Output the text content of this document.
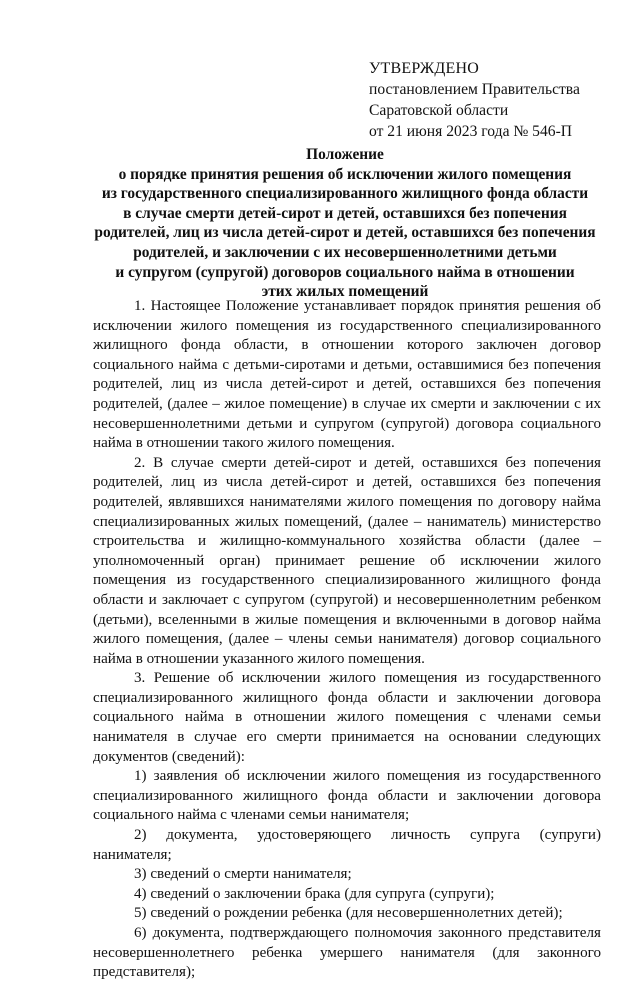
УТВЕРЖДЕНО
постановлением Правительства
Саратовской области
от 21 июня 2023 года № 546-П
Положение
о порядке принятия решения об исключении жилого помещения
из государственного специализированного жилищного фонда области
в случае смерти детей-сирот и детей, оставшихся без попечения
родителей, лиц из числа детей-сирот и детей, оставшихся без попечения
родителей, и заключении с их несовершеннолетними детьми
и супругом (супругой) договоров социального найма в отношении
этих жилых помещений

1. Настоящее Положение устанавливает порядок принятия решения об исключении жилого помещения из государственного специализированного жилищного фонда области, в отношении которого заключен договор социального найма с детьми-сиротами и детьми, оставшимися без попечения родителей, лиц из числа детей-сирот и детей, оставшихся без попечения родителей, (далее – жилое помещение) в случае их смерти и заключении с их несовершеннолетними детьми и супругом (супругой) договора социального найма в отношении такого жилого помещения.

2. В случае смерти детей-сирот и детей, оставшихся без попечения родителей, лиц из числа детей-сирот и детей, оставшихся без попечения родителей, являвшихся нанимателями жилого помещения по договору найма специализированных жилых помещений, (далее – наниматель) министерство строительства и жилищно-коммунального хозяйства области (далее – уполномоченный орган) принимает решение об исключении жилого помещения из государственного специализированного жилищного фонда области и заключает с супругом (супругой) и несовершеннолетним ребенком (детьми), вселенными в жилые помещения и включенными в договор найма жилого помещения, (далее – члены семьи нанимателя) договор социального найма в отношении указанного жилого помещения.

3. Решение об исключении жилого помещения из государственного специализированного жилищного фонда области и заключении договора социального найма в отношении жилого помещения с членами семьи нанимателя в случае его смерти принимается на основании следующих документов (сведений):

1) заявления об исключении жилого помещения из государственного специализированного жилищного фонда области и заключении договора социального найма с членами семьи нанимателя;

2) документа, удостоверяющего личность супруга (супруги) нанимателя;

3) сведений о смерти нанимателя;

4) сведений о заключении брака (для супруга (супруги);

5) сведений о рождении ребенка (для несовершеннолетних детей);

6) документа, подтверждающего полномочия законного представителя несовершеннолетнего ребенка умершего нанимателя (для законного представителя);
